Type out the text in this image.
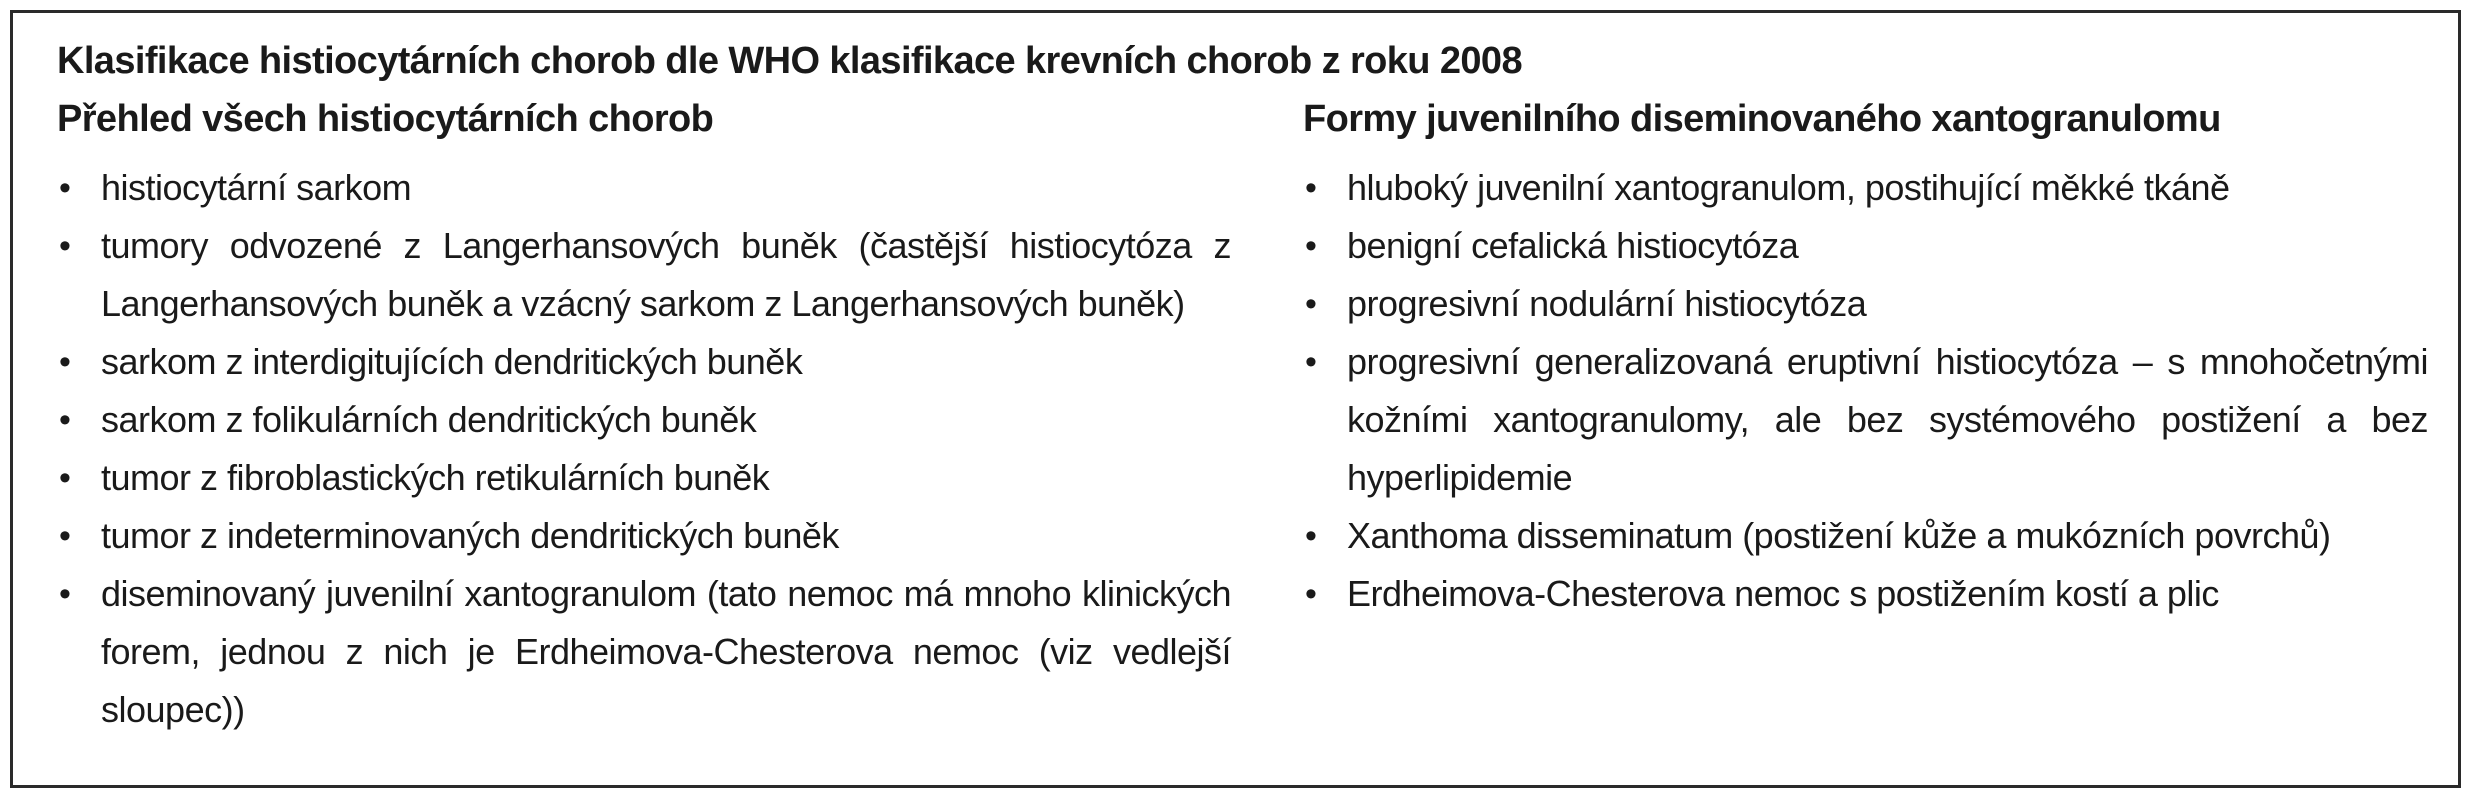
Klasifikace histiocytárních chorob dle WHO klasifikace krevních chorob z roku 2008
Přehled všech histiocytárních chorob
• histiocytární sarkom
• tumory odvozené z Langerhansových buněk (častější histiocytóza z Langerhansových buněk a vzácný sarkom z Langerhansových buněk)
• sarkom z interdigitujících dendritických buněk
• sarkom z folikulárních dendritických buněk
• tumor z fibroblastických retikulárních buněk
• tumor z indeterminovaných dendritických buněk
• diseminovaný juvenilní xantogranulom (tato nemoc má mnoho klinických forem, jednou z nich je Erdheimova-Chesterova nemoc (viz vedlejší sloupec))
Formy juvenilního diseminovaného xantogranulomu
• hluboký juvenilní xantogranulom, postihující měkké tkáně
• benigní cefalická histiocytóza
• progresivní nodulární histiocytóza
• progresivní generalizovaná eruptivní histiocytóza – s mnohočetnými kožními xantogranulomy, ale bez systémového postižení a bez hyperlipidemie
• Xanthoma disseminatum (postižení kůže a mukózních povrchů)
• Erdheimova-Chesterova nemoc s postižením kostí a plic
